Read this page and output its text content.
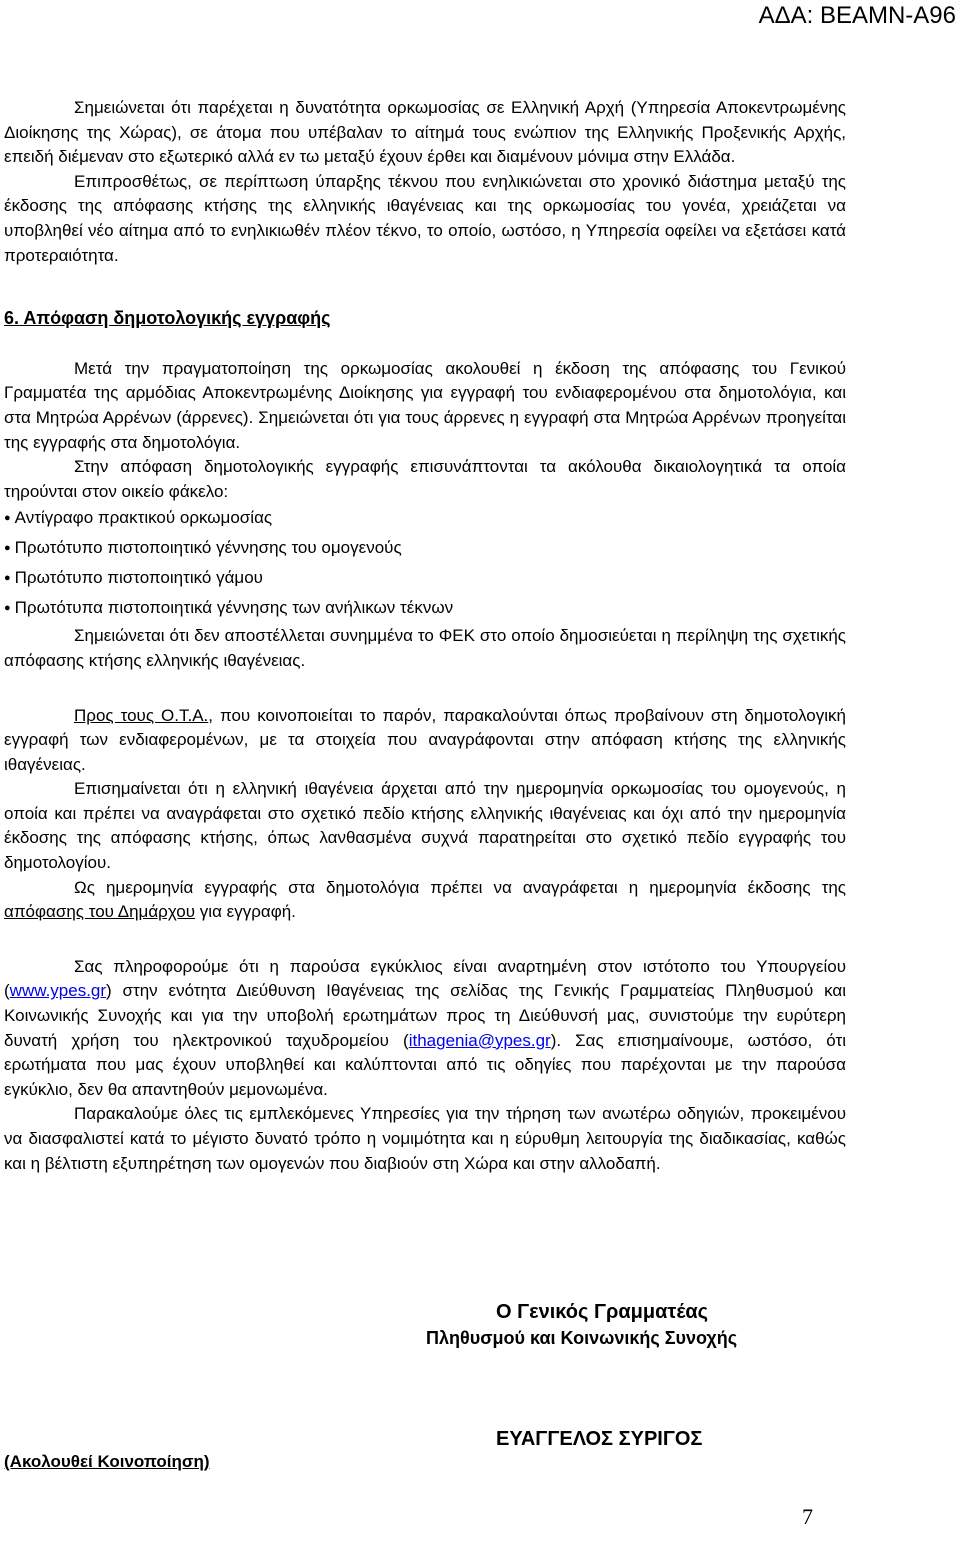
ΑΔΑ: ΒΕΑΜΝ-Α96

Σημειώνεται ότι παρέχεται η δυνατότητα ορκωμοσίας σε Ελληνική Αρχή (Υπηρεσία Αποκεντρωμένης Διοίκησης της Χώρας), σε άτομα που υπέβαλαν το αίτημά τους ενώπιον της Ελληνικής Προξενικής Αρχής, επειδή διέμεναν στο εξωτερικό αλλά εν τω μεταξύ έχουν έρθει και διαμένουν μόνιμα στην Ελλάδα.

Επιπροσθέτως, σε περίπτωση ύπαρξης τέκνου που ενηλικιώνεται στο χρονικό διάστημα μεταξύ της έκδοσης της απόφασης κτήσης της ελληνικής ιθαγένειας και της ορκωμοσίας του γονέα, χρειάζεται να υποβληθεί νέο αίτημα από το ενηλικιωθέν πλέον τέκνο, το οποίο, ωστόσο, η Υπηρεσία οφείλει να εξετάσει κατά προτεραιότητα.

6. Απόφαση δημοτολογικής εγγραφής

Μετά την πραγματοποίηση της ορκωμοσίας ακολουθεί η έκδοση της απόφασης του Γενικού Γραμματέα της αρμόδιας Αποκεντρωμένης Διοίκησης για εγγραφή του ενδιαφερομένου στα δημοτολόγια, και στα Μητρώα Αρρένων (άρρενες). Σημειώνεται ότι για τους άρρενες η εγγραφή στα Μητρώα Αρρένων προηγείται της εγγραφής στα δημοτολόγια.

Στην απόφαση δημοτολογικής εγγραφής επισυνάπτονται τα ακόλουθα δικαιολογητικά τα οποία τηρούνται στον οικείο φάκελο:

● Αντίγραφο πρακτικού ορκωμοσίας

● Πρωτότυπο πιστοποιητικό γέννησης του ομογενούς

● Πρωτότυπο πιστοποιητικό γάμου

● Πρωτότυπα πιστοποιητικά γέννησης των ανήλικων τέκνων

Σημειώνεται ότι δεν αποστέλλεται συνημμένα το ΦΕΚ στο οποίο δημοσιεύεται η περίληψη της σχετικής απόφασης κτήσης ελληνικής ιθαγένειας.

Προς τους Ο.Τ.Α., που κοινοποιείται το παρόν, παρακαλούνται όπως προβαίνουν στη δημοτολογική εγγραφή των ενδιαφερομένων, με τα στοιχεία που αναγράφονται στην απόφαση κτήσης της ελληνικής ιθαγένειας.

Επισημαίνεται ότι η ελληνική ιθαγένεια άρχεται από την ημερομηνία ορκωμοσίας του ομογενούς, η οποία και πρέπει να αναγράφεται στο σχετικό πεδίο κτήσης ελληνικής ιθαγένειας και όχι από την ημερομηνία έκδοσης της απόφασης κτήσης, όπως λανθασμένα συχνά παρατηρείται στο σχετικό πεδίο εγγραφής του δημοτολογίου.

Ως ημερομηνία εγγραφής στα δημοτολόγια πρέπει να αναγράφεται η ημερομηνία έκδοσης της απόφασης του Δημάρχου για εγγραφή.

Σας πληροφορούμε ότι η παρούσα εγκύκλιος είναι αναρτημένη στον ιστότοπο του Υπουργείου (www.ypes.gr) στην ενότητα Διεύθυνση Ιθαγένειας της σελίδας της Γενικής Γραμματείας Πληθυσμού και Κοινωνικής Συνοχής και για την υποβολή ερωτημάτων προς τη Διεύθυνσή μας, συνιστούμε την ευρύτερη δυνατή χρήση του ηλεκτρονικού ταχυδρομείου (ithagenia@ypes.gr). Σας επισημαίνουμε, ωστόσο, ότι ερωτήματα που μας έχουν υποβληθεί και καλύπτονται από τις οδηγίες που παρέχονται με την παρούσα εγκύκλιο, δεν θα απαντηθούν μεμονωμένα.

Παρακαλούμε όλες τις εμπλεκόμενες Υπηρεσίες για την τήρηση των ανωτέρω οδηγιών, προκειμένου να διασφαλιστεί κατά το μέγιστο δυνατό τρόπο η νομιμότητα και η εύρυθμη λειτουργία της διαδικασίας, καθώς και η βέλτιστη εξυπηρέτηση των ομογενών που διαβιούν στη Χώρα και στην αλλοδαπή.

Ο Γενικός Γραμματέας
Πληθυσμού και Κοινωνικής Συνοχής
ΕΥΑΓΓΕΛΟΣ ΣΥΡΙΓΟΣ
(Ακολουθεί Κοινοποίηση)
7
